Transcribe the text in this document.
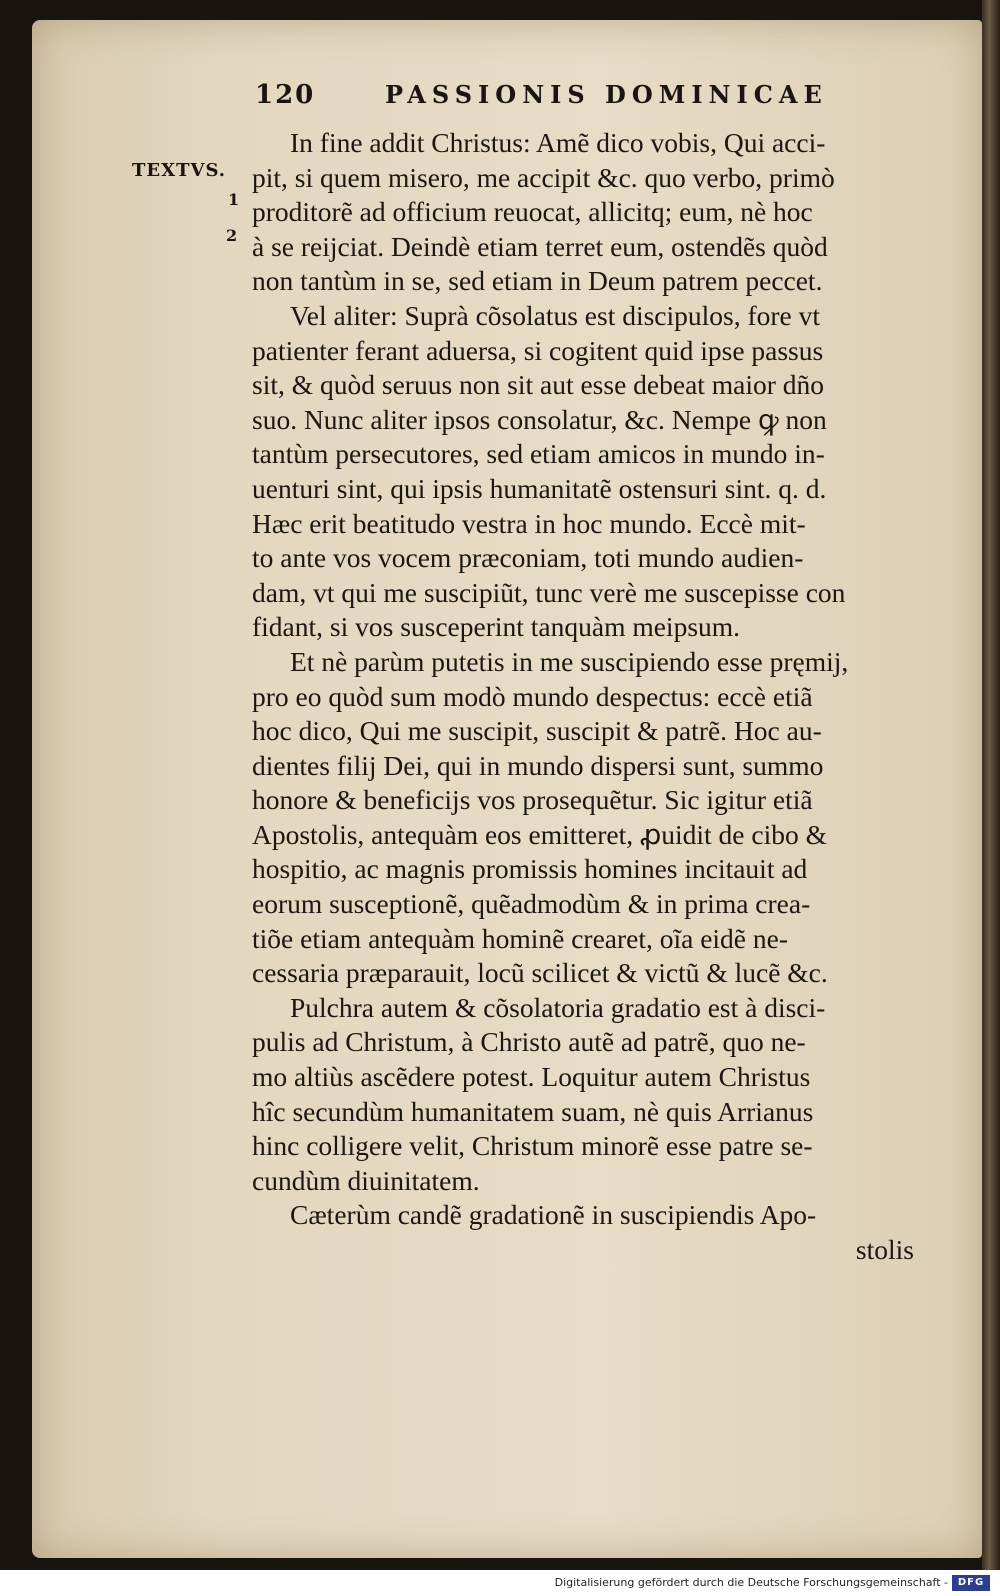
120	PASSIONIS DOMINICAE
TEXTVS.
1
2
In fine addit Christus: Amẽ dico vobis, Qui acci-
pit, si quem misero, me accipit &c. quo verbo, primò
proditorẽ ad officium reuocat, allicitq; eum, nè hoc
à se reijciat. Deindè etiam terret eum, ostendẽs quòd
non tantùm in se, sed etiam in Deum patrem peccet.
Vel aliter: Suprà cõsolatus est discipulos, fore vt
patienter ferant aduersa, si cogitent quid ipse passus
sit, & quòd seruus non sit aut esse debeat maior dño
suo. Nunc aliter ipsos consolatur, &c. Nempe ꝙ non
tantùm persecutores, sed etiam amicos in mundo in-
uenturi sint, qui ipsis humanitatẽ ostensuri sint. q. d.
Hæc erit beatitudo vestra in hoc mundo. Eccè mit-
to ante vos vocem præconiam, toti mundo audien-
dam, vt qui me suscipiũt, tunc verè me suscepisse con
fidant, si vos susceperint tanquàm meipsum.
Et nè parùm putetis in me suscipiendo esse pręmij,
pro eo quòd sum modò mundo despectus: eccè etiã
hoc dico, Qui me suscipit, suscipit & patrẽ. Hoc au-
dientes filij Dei, qui in mundo dispersi sunt, summo
honore & beneficijs vos prosequẽtur. Sic igitur etiã
Apostolis, antequàm eos emitteret, ꝓuidit de cibo &
hospitio, ac magnis promissis homines incitauit ad
eorum susceptionẽ, quẽadmodùm & in prima crea-
tiõe etiam antequàm hominẽ crearet, oĩa eidẽ ne-
cessaria præparauit, locũ scilicet & victũ & lucẽ &c.
Pulchra autem & cõsolatoria gradatio est à disci-
pulis ad Christum, à Christo autẽ ad patrẽ, quo ne-
mo altiùs ascẽdere potest. Loquitur autem Christus
hîc secundùm humanitatem suam, nè quis Arrianus
hinc colligere velit, Christum minorẽ esse patre se-
cundùm diuinitatem.
Cæterùm candẽ gradationẽ in suscipiendis Apo-
stolis
Digitalisierung gefördert durch die Deutsche Forschungsgemeinschaft - DFG
